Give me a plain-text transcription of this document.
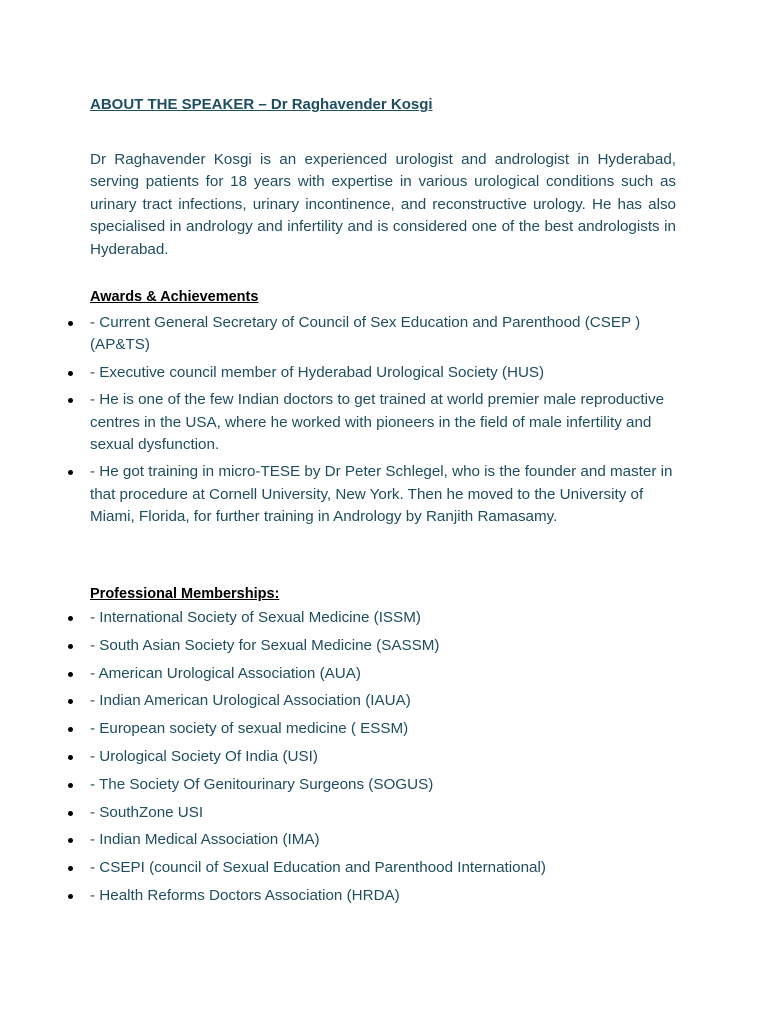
ABOUT THE SPEAKER – Dr Raghavender Kosgi

Dr Raghavender Kosgi is an experienced urologist and andrologist in Hyderabad, serving patients for 18 years with expertise in various urological conditions such as urinary tract infections, urinary incontinence, and reconstructive urology. He has also specialised in andrology and infertility and is considered one of the best andrologists in Hyderabad.

Awards & Achievements
- Current General Secretary of Council of Sex Education and Parenthood (CSEP ) (AP&TS)
- Executive council member of Hyderabad Urological Society (HUS)
- He is one of the few Indian doctors to get trained at world premier male reproductive centres in the USA, where he worked with pioneers in the field of male infertility and sexual dysfunction.
- He got training in micro-TESE by Dr Peter Schlegel, who is the founder and master in that procedure at Cornell University, New York. Then he moved to the University of Miami, Florida, for further training in Andrology by Ranjith Ramasamy.
Professional Memberships:
- International Society of Sexual Medicine (ISSM)
- South Asian Society for Sexual Medicine (SASSM)
- American Urological Association (AUA)
- Indian American Urological Association (IAUA)
- European society of sexual medicine ( ESSM)
- Urological Society Of India (USI)
- The Society Of Genitourinary Surgeons (SOGUS)
- SouthZone USI
- Indian Medical Association (IMA)
- CSEPI (council of Sexual Education and Parenthood International)
- Health Reforms Doctors Association (HRDA)
